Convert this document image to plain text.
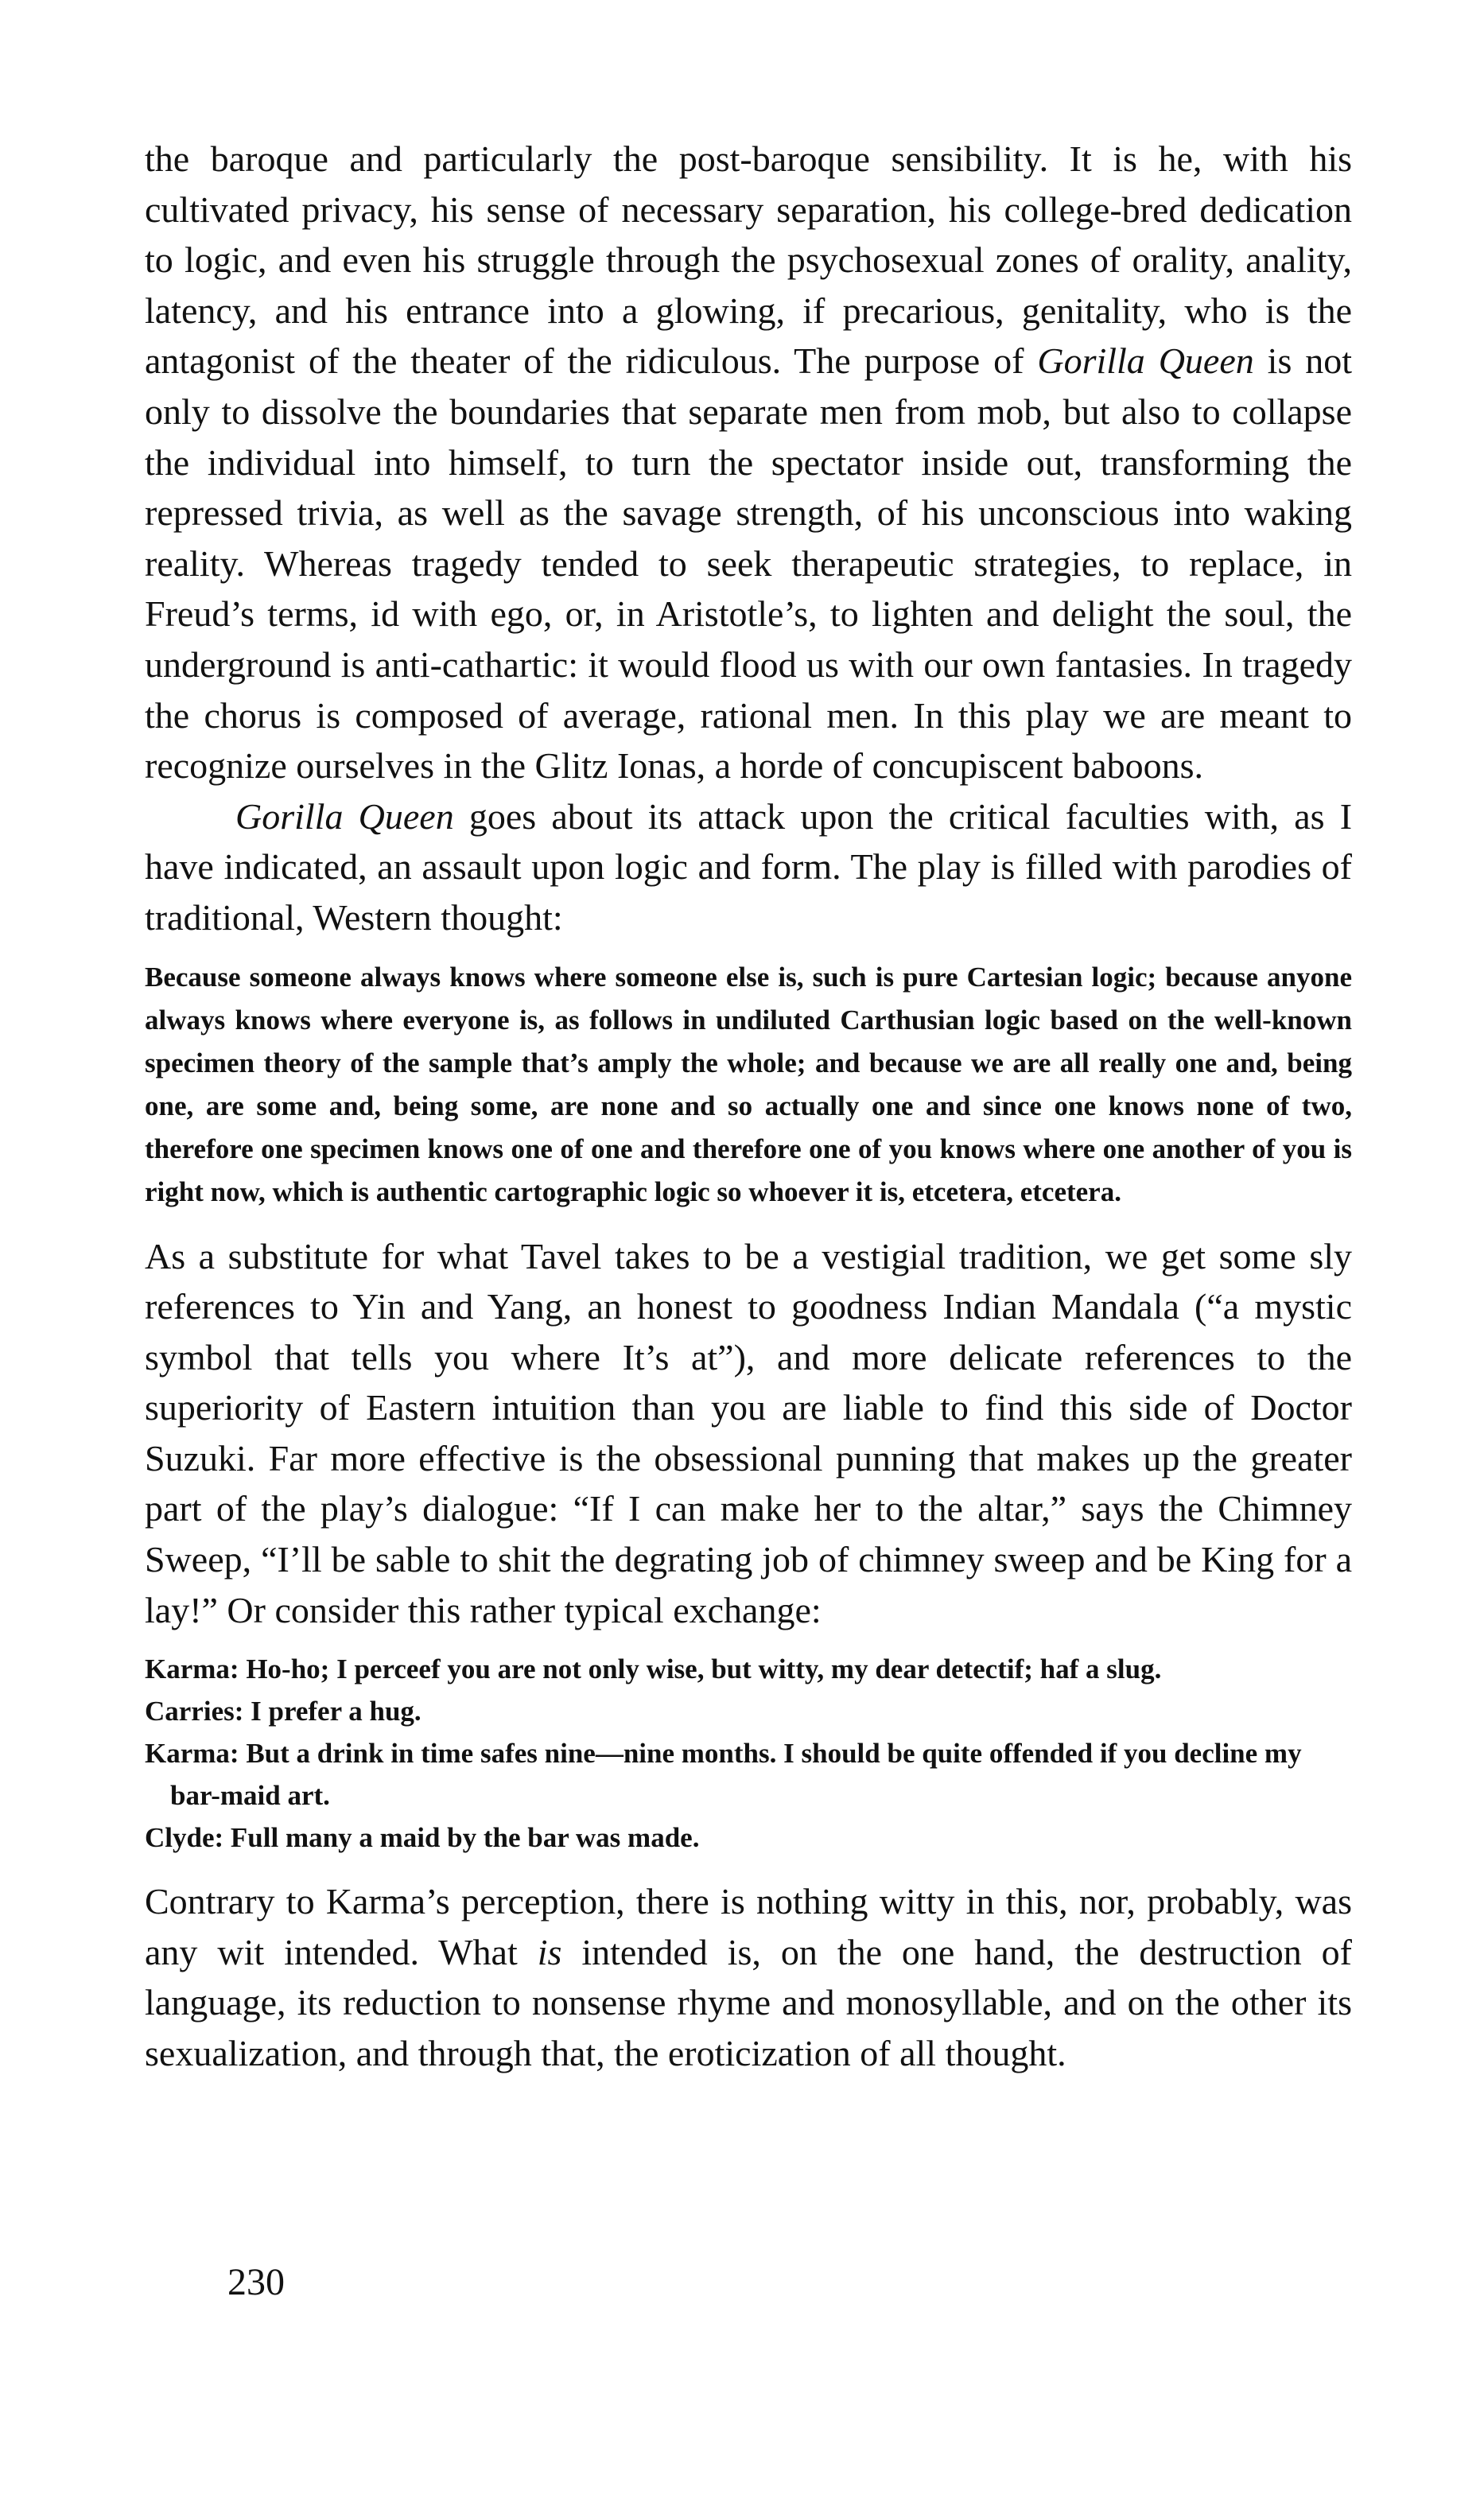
the baroque and particularly the post-baroque sensibility. It is he, with his cultivated privacy, his sense of necessary separation, his college-bred dedication to logic, and even his struggle through the psychosexual zones of orality, anality, latency, and his entrance into a glowing, if precarious, genitality, who is the antagonist of the theater of the ridiculous. The purpose of Gorilla Queen is not only to dissolve the boundaries that separate men from mob, but also to collapse the individual into himself, to turn the spectator inside out, transforming the repressed trivia, as well as the savage strength, of his unconscious into waking reality. Whereas tragedy tended to seek therapeutic strategies, to replace, in Freud’s terms, id with ego, or, in Aristotle’s, to lighten and delight the soul, the underground is anti-cathartic: it would flood us with our own fantasies. In tragedy the chorus is composed of average, rational men. In this play we are meant to recognize ourselves in the Glitz Ionas, a horde of concupiscent baboons.

Gorilla Queen goes about its attack upon the critical faculties with, as I have indicated, an assault upon logic and form. The play is filled with parodies of traditional, Western thought:

Because someone always knows where someone else is, such is pure Cartesian logic; because anyone always knows where everyone is, as follows in undiluted Carthusian logic based on the well-known specimen theory of the sample that’s amply the whole; and because we are all really one and, being one, are some and, being some, are none and so actually one and since one knows none of two, therefore one specimen knows one of one and therefore one of you knows where one another of you is right now, which is authentic cartographic logic so whoever it is, etcetera, etcetera.

As a substitute for what Tavel takes to be a vestigial tradition, we get some sly references to Yin and Yang, an honest to goodness Indian Mandala (“a mystic symbol that tells you where It’s at”), and more delicate references to the superiority of Eastern intuition than you are liable to find this side of Doctor Suzuki. Far more effective is the obsessional punning that makes up the greater part of the play’s dialogue: “If I can make her to the altar,” says the Chimney Sweep, “I’ll be sable to shit the degrating job of chimney sweep and be King for a lay!” Or consider this rather typical exchange:

Karma: Ho-ho; I perceef you are not only wise, but witty, my dear detectif; haf a slug.
Carries: I prefer a hug.
Karma: But a drink in time safes nine—nine months. I should be quite offended if you decline my bar-maid art.
Clyde: Full many a maid by the bar was made.

Contrary to Karma’s perception, there is nothing witty in this, nor, probably, was any wit intended. What is intended is, on the one hand, the destruction of language, its reduction to nonsense rhyme and monosyllable, and on the other its sexualization, and through that, the eroticization of all thought.

230
